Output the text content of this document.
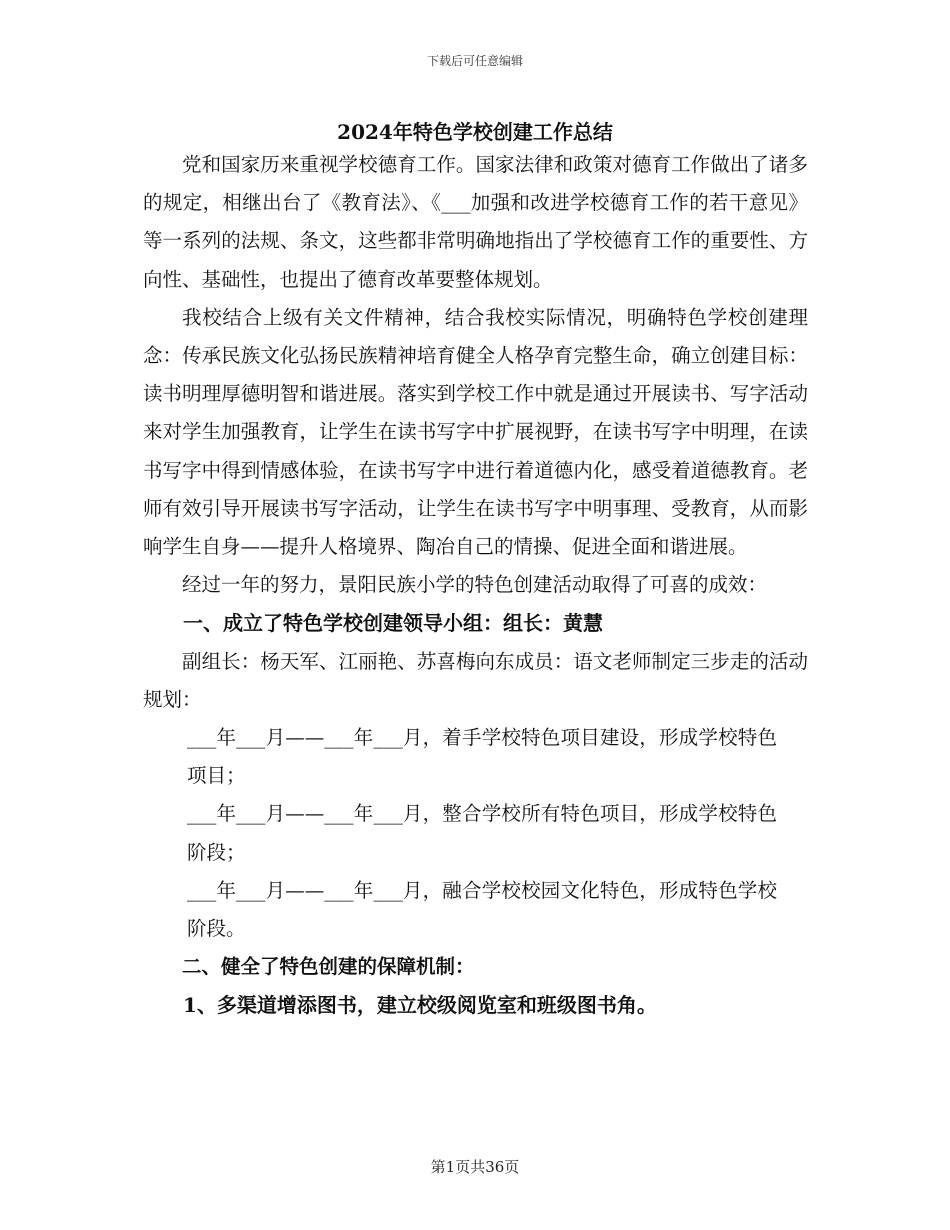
下载后可任意编辑
2024年特色学校创建工作总结

党和国家历来重视学校德育工作。国家法律和政策对德育工作做出了诸多的规定，相继出台了《教育法》、《___加强和改进学校德育工作的若干意见》等一系列的法规、条文，这些都非常明确地指出了学校德育工作的重要性、方向性、基础性，也提出了德育改革要整体规划。

我校结合上级有关文件精神，结合我校实际情况，明确特色学校创建理念：传承民族文化弘扬民族精神培育健全人格孕育完整生命，确立创建目标：读书明理厚德明智和谐进展。落实到学校工作中就是通过开展读书、写字活动来对学生加强教育，让学生在读书写字中扩展视野，在读书写字中明理，在读书写字中得到情感体验，在读书写字中进行着道德内化，感受着道德教育。老师有效引导开展读书写字活动，让学生在读书写字中明事理、受教育，从而影响学生自身——提升人格境界、陶冶自己的情操、促进全面和谐进展。

经过一年的努力，景阳民族小学的特色创建活动取得了可喜的成效：

一、成立了特色学校创建领导小组：组长：黄慧

副组长：杨天军、江丽艳、苏喜梅向东成员：语文老师制定三步走的活动规划：

___年___月——___年___月，着手学校特色项目建设，形成学校特色项目；

___年___月——___年___月，整合学校所有特色项目，形成学校特色阶段；

___年___月——___年___月，融合学校校园文化特色，形成特色学校阶段。

二、健全了特色创建的保障机制：

1、多渠道增添图书，建立校级阅览室和班级图书角。

第1页共36页
